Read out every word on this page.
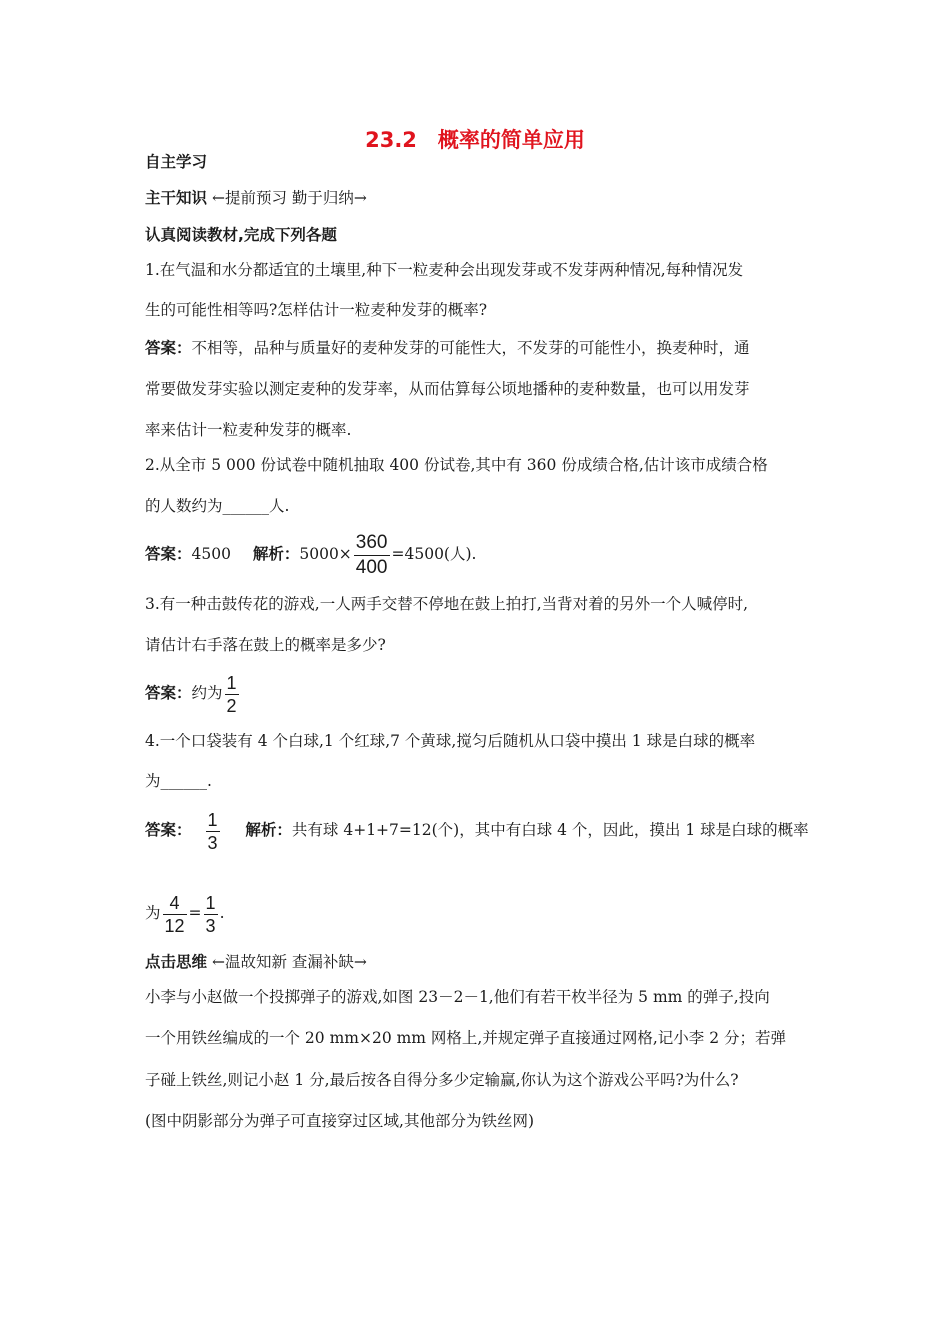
23.2　概率的简单应用
自主学习
主干知识 ←提前预习 勤于归纳→
认真阅读教材,完成下列各题
1.在气温和水分都适宜的土壤里,种下一粒麦种会出现发芽或不发芽两种情况,每种情况发
生的可能性相等吗?怎样估计一粒麦种发芽的概率?
答案：不相等，品种与质量好的麦种发芽的可能性大，不发芽的可能性小，换麦种时，通
常要做发芽实验以测定麦种的发芽率，从而估算每公顷地播种的麦种数量，也可以用发芽
率来估计一粒麦种发芽的概率.
2.从全市 5 000 份试卷中随机抽取 400 份试卷,其中有 360 份成绩合格,估计该市成绩合格
的人数约为______人.
答案：4500 解析：$5000\times \frac{360}{400} =4500$(人).
3.有一种击鼓传花的游戏,一人两手交替不停地在鼓上拍打,当背对着的另外一个人喊停时,
请估计右手落在鼓上的概率是多少?
答案：约为 $\frac{1}{2}$
4.一个口袋装有 4 个白球,1 个红球,7 个黄球,搅匀后随机从口袋中摸出 1 球是白球的概率
为______.
答案： $\frac{1}{3}$ 解析：共有球 4+1+7=12(个)，其中有白球 4 个，因此，摸出 1 球是白球的概率
为 $\frac{4}{12} = \frac{1}{3}$ .
点击思维 ←温故知新 查漏补缺→
小李与小赵做一个投掷弹子的游戏,如图 23－2－1,他们有若干枚半径为 5 mm 的弹子,投向
一个用铁丝编成的一个 20 mm×20 mm 网格上,并规定弹子直接通过网格,记小李 2 分；若弹
子碰上铁丝,则记小赵 1 分,最后按各自得分多少定输赢,你认为这个游戏公平吗?为什么?
(图中阴影部分为弹子可直接穿过区域,其他部分为铁丝网)
